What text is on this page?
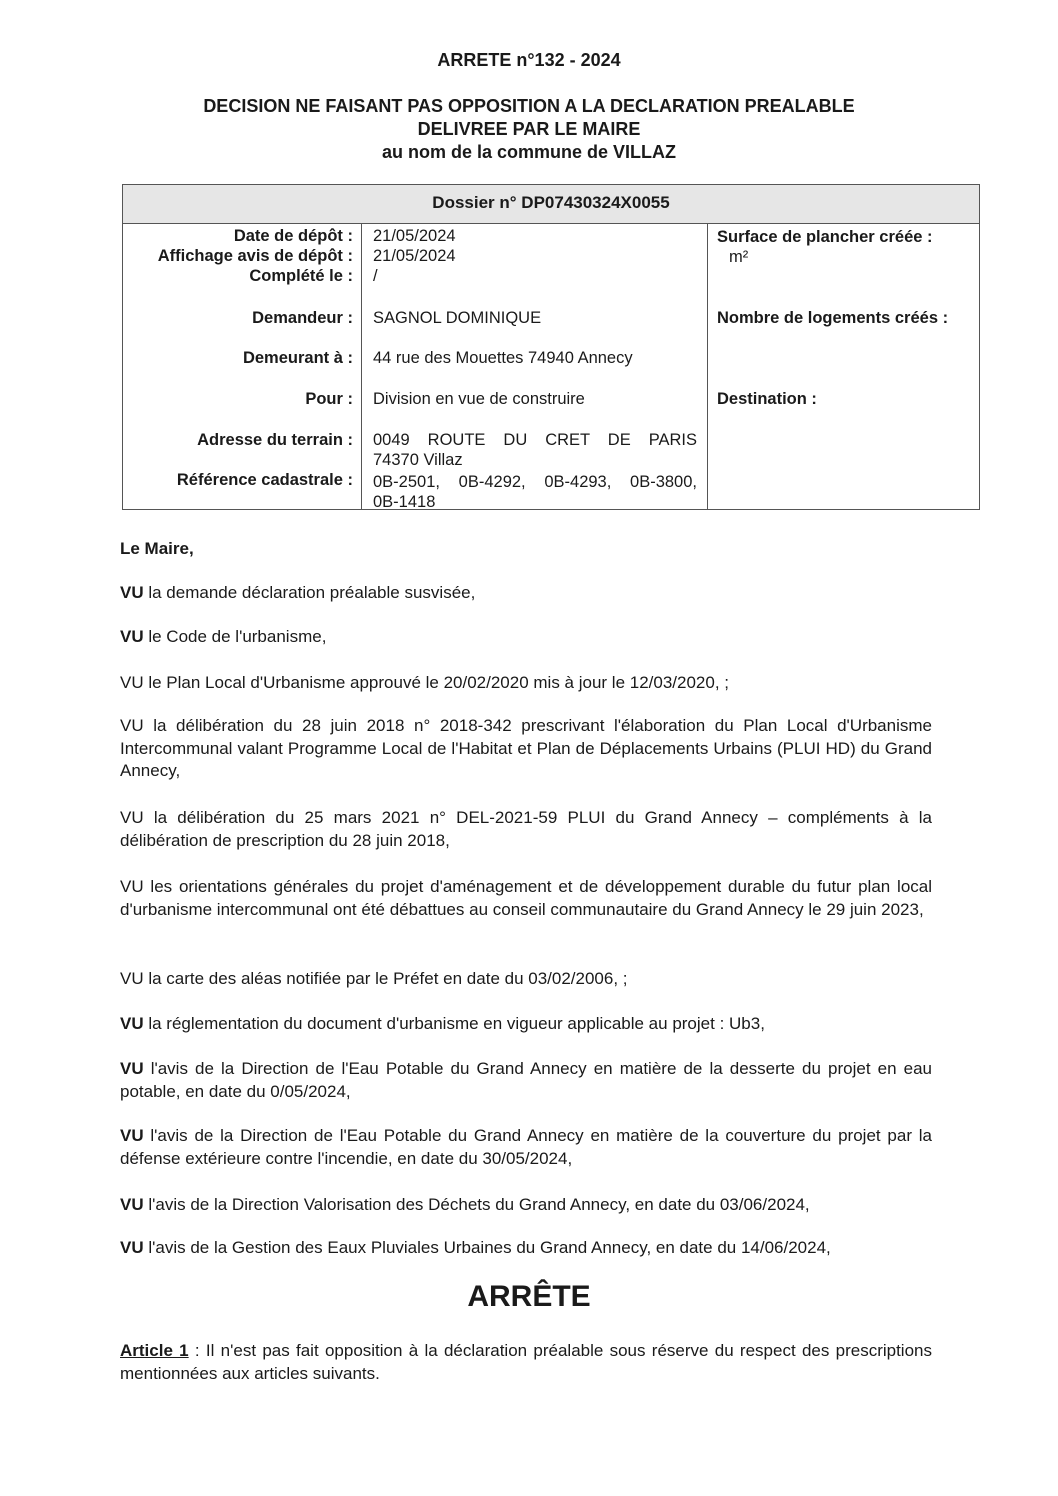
ARRETE n°132 - 2024
DECISION NE FAISANT PAS OPPOSITION A LA DECLARATION PREALABLE
DELIVREE PAR LE MAIRE
au nom de la commune de VILLAZ
Dossier n° DP07430324X0055
Date de dépôt :
Affichage avis de dépôt :
Complété le :
Demandeur :
Demeurant à :
Pour :
Adresse du terrain :
Référence cadastrale :
21/05/2024
21/05/2024
/
SAGNOL DOMINIQUE
44 rue des Mouettes 74940 Annecy
Division en vue de construire
0049 ROUTE DU CRET DE PARIS
74370 Villaz
0B-2501, 0B-4292, 0B-4293, 0B-3800,
0B-1418
Surface de plancher créée :
m²
Nombre de logements créés :
Destination :
Le Maire,
VU la demande déclaration préalable susvisée,
VU le Code de l'urbanisme,
VU le Plan Local d'Urbanisme approuvé le 20/02/2020 mis à jour le 12/03/2020, ;
VU la délibération du 28 juin 2018 n° 2018-342 prescrivant l'élaboration du Plan Local d'Urbanisme Intercommunal valant Programme Local de l'Habitat et Plan de Déplacements Urbains (PLUI HD) du Grand Annecy,
VU la délibération du 25 mars 2021 n° DEL-2021-59 PLUI du Grand Annecy – compléments à la délibération de prescription du 28 juin 2018,
VU les orientations générales du projet d'aménagement et de développement durable du futur plan local d'urbanisme intercommunal ont été débattues au conseil communautaire du Grand Annecy le 29 juin 2023,
VU la carte des aléas notifiée par le Préfet en date du 03/02/2006, ;
VU la réglementation du document d'urbanisme en vigueur applicable au projet : Ub3,
VU l'avis de la Direction de l'Eau Potable du Grand Annecy en matière de la desserte du projet en eau potable, en date du 0/05/2024,
VU l'avis de la Direction de l'Eau Potable du Grand Annecy en matière de la couverture du projet par la défense extérieure contre l'incendie, en date du 30/05/2024,
VU l'avis de la Direction Valorisation des Déchets du Grand Annecy, en date du 03/06/2024,
VU l'avis de la Gestion des Eaux Pluviales Urbaines du Grand Annecy, en date du 14/06/2024,
ARRÊTE
Article 1 : Il n'est pas fait opposition à la déclaration préalable sous réserve du respect des prescriptions mentionnées aux articles suivants.
